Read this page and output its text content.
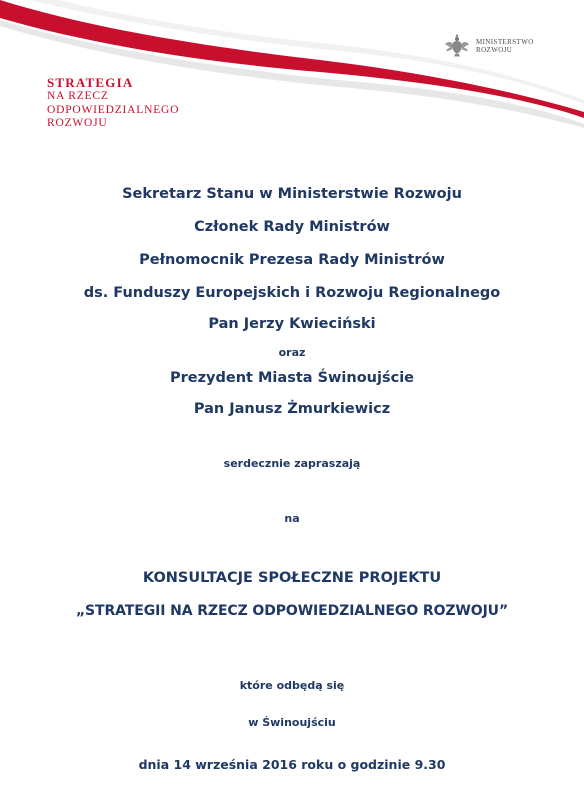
STRATEGIA
NA RZECZ
ODPOWIEDZIALNEGO
ROZWOJU
MINISTERSTWO
ROZWOJU
Sekretarz Stanu w Ministerstwie Rozwoju
Członek Rady Ministrów
Pełnomocnik Prezesa Rady Ministrów
ds. Funduszy Europejskich i Rozwoju Regionalnego
Pan Jerzy Kwieciński
oraz
Prezydent Miasta Świnoujście
Pan Janusz Żmurkiewicz
serdecznie zapraszają
na
KONSULTACJE SPOŁECZNE PROJEKTU
„STRATEGII NA RZECZ ODPOWIEDZIALNEGO ROZWOJU”
które odbędą się
w Świnoujściu
dnia 14 września 2016 roku o godzinie 9.30
